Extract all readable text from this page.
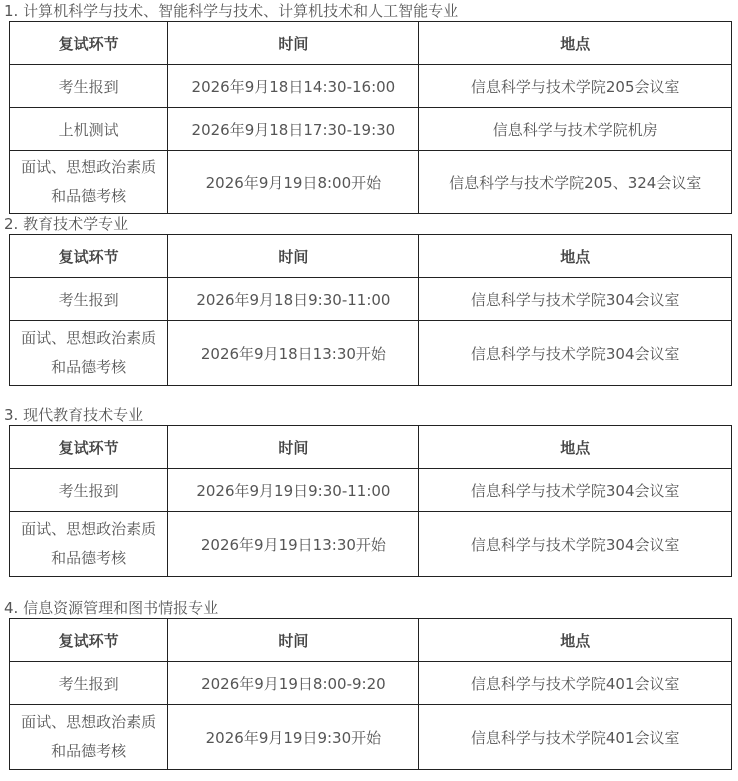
1. 计算机科学与技术、智能科学与技术、计算机技术和人工智能专业
复试环节	时间	地点
考生报到	2026年9月18日14:30-16:00	信息科学与技术学院205会议室
上机测试	2026年9月18日17:30-19:30	信息科学与技术学院机房

面试、思想政治素质
和品德考核	2026年9月19日8:00开始	信息科学与技术学院205、324会议室
2. 教育技术学专业
复试环节	时间	地点
考生报到	2026年9月18日9:30-11:00	信息科学与技术学院304会议室

面试、思想政治素质
和品德考核	2026年9月18日13:30开始	信息科学与技术学院304会议室
3. 现代教育技术专业
复试环节	时间	地点
考生报到	2026年9月19日9:30-11:00	信息科学与技术学院304会议室

面试、思想政治素质
和品德考核	2026年9月19日13:30开始	信息科学与技术学院304会议室
4. 信息资源管理和图书情报专业
复试环节	时间	地点
考生报到	2026年9月19日8:00-9:20	信息科学与技术学院401会议室

面试、思想政治素质
和品德考核	2026年9月19日9:30开始	信息科学与技术学院401会议室
